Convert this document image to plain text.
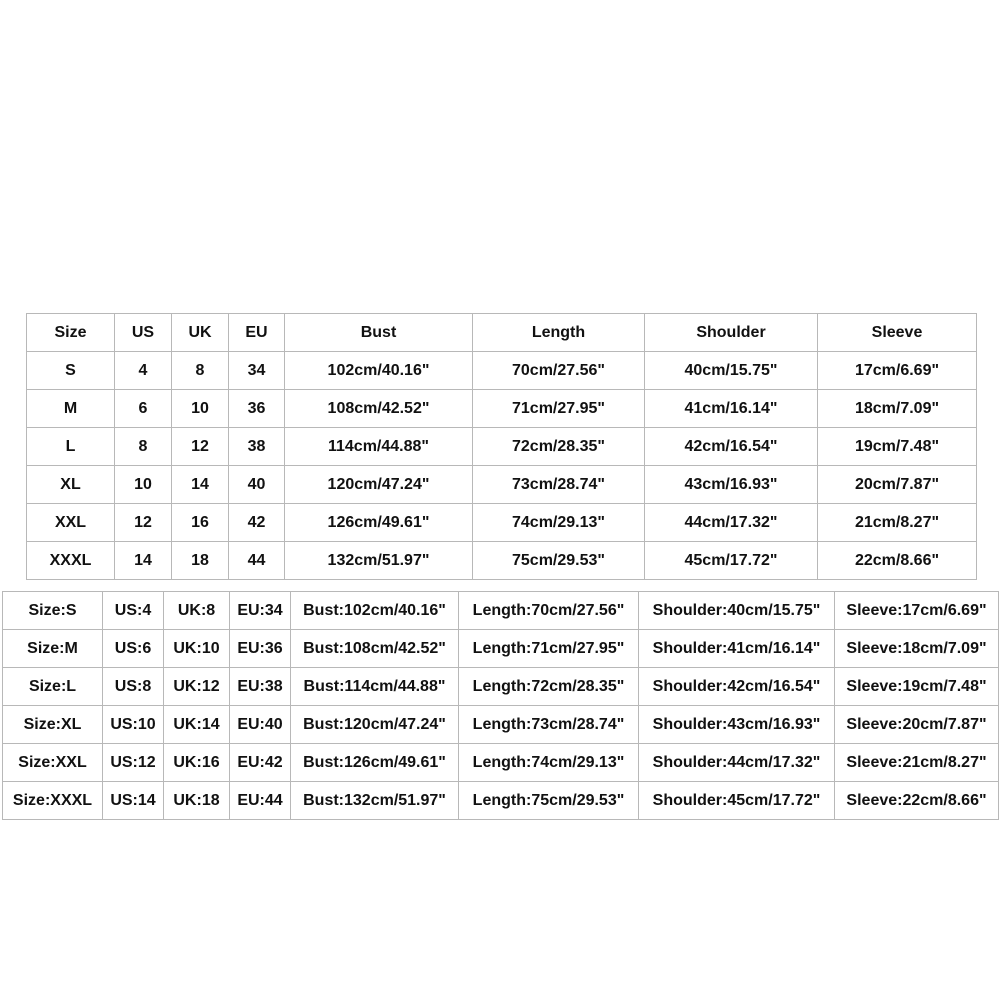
Size	US	UK	EU	Bust	Length	Shoulder	Sleeve
S	4	8	34	102cm/40.16"	70cm/27.56"	40cm/15.75"	17cm/6.69"
M	6	10	36	108cm/42.52"	71cm/27.95"	41cm/16.14"	18cm/7.09"
L	8	12	38	114cm/44.88"	72cm/28.35"	42cm/16.54"	19cm/7.48"
XL	10	14	40	120cm/47.24"	73cm/28.74"	43cm/16.93"	20cm/7.87"
XXL	12	16	42	126cm/49.61"	74cm/29.13"	44cm/17.32"	21cm/8.27"
XXXL	14	18	44	132cm/51.97"	75cm/29.53"	45cm/17.72"	22cm/8.66"
Size:S	US:4	UK:8	EU:34	Bust:102cm/40.16"	Length:70cm/27.56"	Shoulder:40cm/15.75"	Sleeve:17cm/6.69"
Size:M	US:6	UK:10	EU:36	Bust:108cm/42.52"	Length:71cm/27.95"	Shoulder:41cm/16.14"	Sleeve:18cm/7.09"
Size:L	US:8	UK:12	EU:38	Bust:114cm/44.88"	Length:72cm/28.35"	Shoulder:42cm/16.54"	Sleeve:19cm/7.48"
Size:XL	US:10	UK:14	EU:40	Bust:120cm/47.24"	Length:73cm/28.74"	Shoulder:43cm/16.93"	Sleeve:20cm/7.87"
Size:XXL	US:12	UK:16	EU:42	Bust:126cm/49.61"	Length:74cm/29.13"	Shoulder:44cm/17.32"	Sleeve:21cm/8.27"
Size:XXXL	US:14	UK:18	EU:44	Bust:132cm/51.97"	Length:75cm/29.53"	Shoulder:45cm/17.72"	Sleeve:22cm/8.66"
